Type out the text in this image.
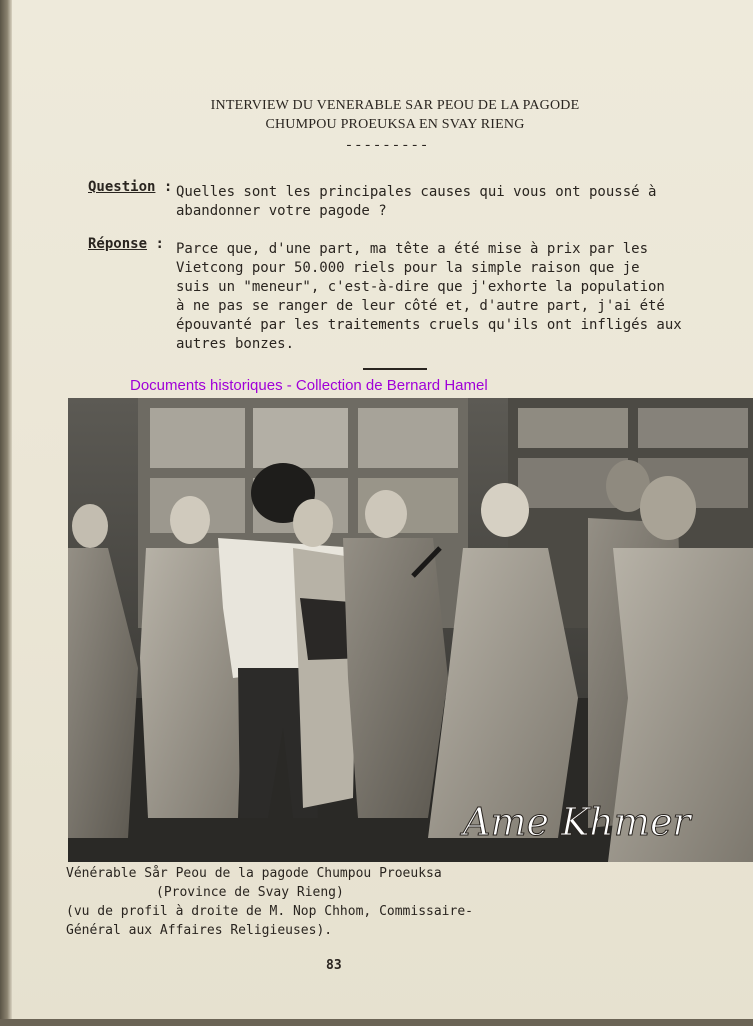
INTERVIEW DU VENERABLE SAR PEOU DE LA PAGODE
CHUMPOU PROEUKSA EN SVAY RIENG
---------
Question : Quelles sont les principales causes qui vous ont poussé à
abandonner votre pagode ?
Réponse : Parce que, d'une part, ma tête a été mise à prix par les
Vietcong pour 50.000 riels pour la simple raison que je
suis un "meneur", c'est-à-dire que j'exhorte la population
à ne pas se ranger de leur côté et, d'autre part, j'ai été
épouvanté par les traitements cruels qu'ils ont infligés aux
autres bonzes.
Documents historiques - Collection de Bernard Hamel
Ame Khmer
Vénérable Sår Peou de la pagode Chumpou Proeuksa
(Province de Svay Rieng)
(vu de profil à droite de M. Nop Chhom, Commissaire-
Général aux Affaires Religieuses).
83
